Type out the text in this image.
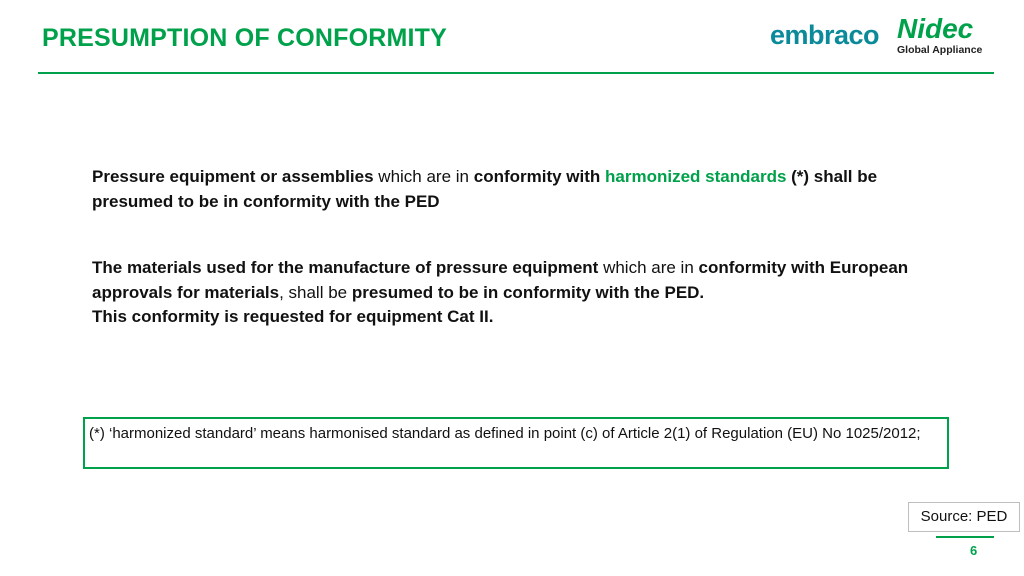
PRESUMPTION OF CONFORMITY	embraco Nidec
Global Appliance
Pressure equipment or assemblies which are in conformity with harmonized standards (*) shall be presumed to be in conformity with the PED
The materials used for the manufacture of pressure equipment which are in conformity with European approvals for materials, shall be presumed to be in conformity with the PED.
This conformity is requested for equipment Cat II.
(*) ‘harmonized standard’ means harmonised standard as defined in point (c) of Article 2(1) of Regulation (EU) No 1025/2012;
Source: PED
6
